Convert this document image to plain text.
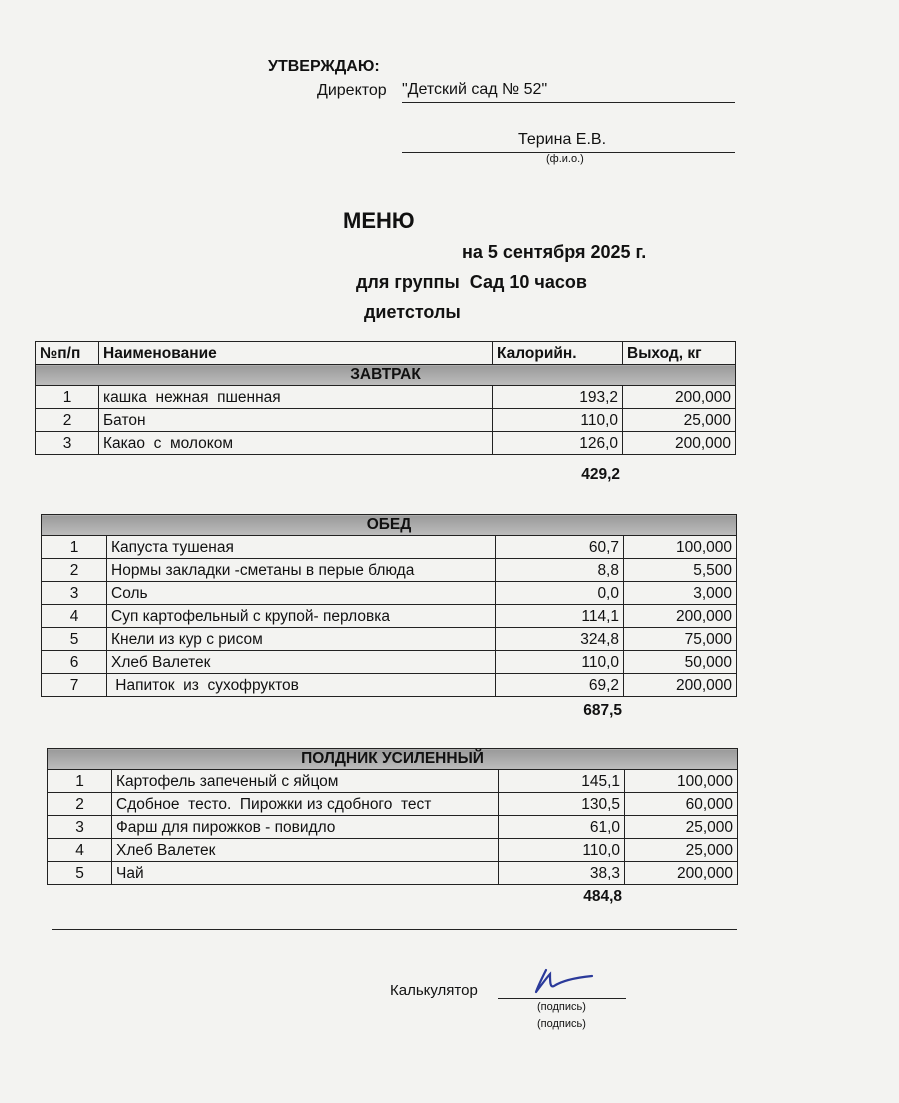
УТВЕРЖДАЮ:
Директор "Детский сад № 52"
Терина Е.В.
(ф.и.о.)
МЕНЮ
на 5 сентября 2025 г.
для группы  Сад 10 часов
диетстолы
№п/п	Наименование	Калорийн.	Выход, кг
ЗАВТРАК			
1	кашка  нежная  пшенная	193,2	200,000
2	Батон	110,0	25,000
3	Какао  с  молоком	126,0	200,000
429,2
ОБЕД			
1	Капуста тушеная	60,7	100,000
2	Нормы закладки -сметаны в перые блюда	8,8	5,500
3	Соль	0,0	3,000
4	Суп картофельный с крупой- перловка	114,1	200,000
5	Кнели из кур с рисом	324,8	75,000
6	Хлеб Валетек	110,0	50,000
7	Напиток  из  сухофруктов	69,2	200,000
687,5
ПОЛДНИК УСИЛЕННЫЙ			
1	Картофель запеченый с яйцом	145,1	100,000
2	Сдобное  тесто.  Пирожки из сдобного  тест	130,5	60,000
3	Фарш для пирожков - повидло	61,0	25,000
4	Хлеб Валетек	110,0	25,000
5	Чай	38,3	200,000
484,8
Калькулятор
(подпись)
(подпись)
